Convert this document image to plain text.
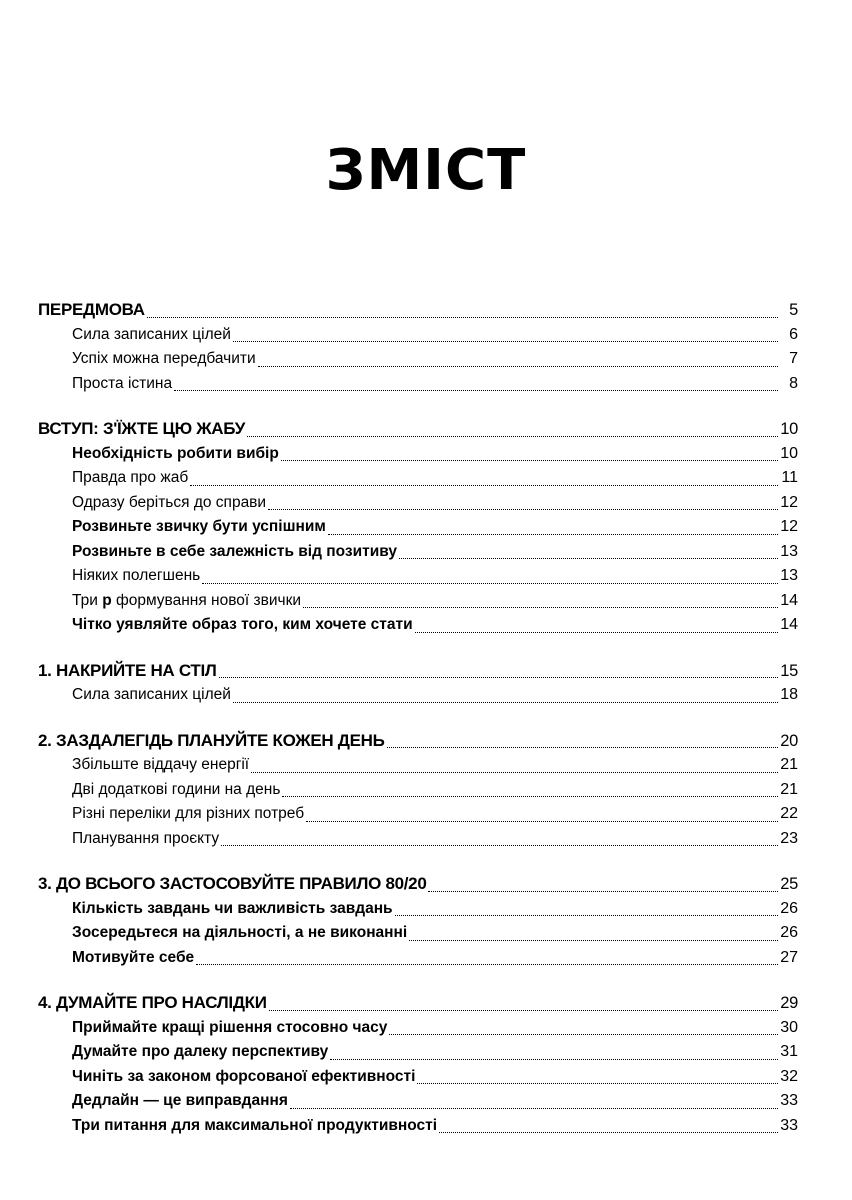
ЗМІСТ
ПЕРЕДМОВА	5
Сила записаних цілей	6
Успіх можна передбачити	7
Проста істина	8
ВСТУП: З'ЇЖТЕ ЦЮ ЖАБУ	10
Необхідність робити вибір	10
Правда про жаб	11
Одразу беріться до справи	12
Розвиньте звичку бути успішним	12
Розвиньте в себе залежність від позитиву	13
Ніяких полегшень	13
Три р формування нової звички	14
Чітко уявляйте образ того, ким хочете стати	14
1. НАКРИЙТЕ НА СТІЛ	15
Сила записаних цілей	18
2. ЗАЗДАЛЕГІДЬ ПЛАНУЙТЕ КОЖЕН ДЕНЬ	20
Збільште віддачу енергії	21
Дві додаткові години на день	21
Різні переліки для різних потреб	22
Планування проєкту	23
3. ДО ВСЬОГО ЗАСТОСОВУЙТЕ ПРАВИЛО 80/20	25
Кількість завдань чи важливість завдань	26
Зосередьтеся на діяльності, а не виконанні	26
Мотивуйте себе	27
4. ДУМАЙТЕ ПРО НАСЛІДКИ	29
Приймайте кращі рішення стосовно часу	30
Думайте про далеку перспективу	31
Чиніть за законом форсованої ефективності	32
Дедлайн — це виправдання	33
Три питання для максимальної продуктивності	33
